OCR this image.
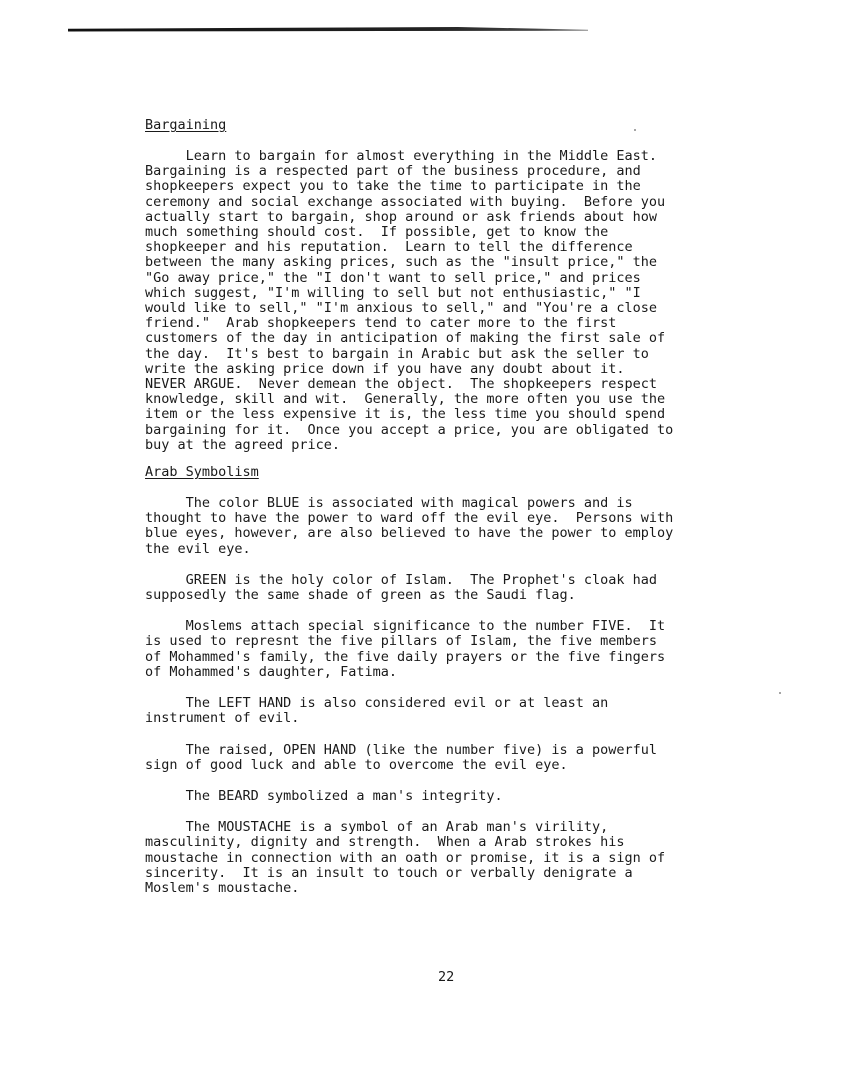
Bargaining

Learn to bargain for almost everything in the Middle East.
Bargaining is a respected part of the business procedure, and
shopkeepers expect you to take the time to participate in the
ceremony and social exchange associated with buying.  Before you
actually start to bargain, shop around or ask friends about how
much something should cost.  If possible, get to know the
shopkeeper and his reputation.  Learn to tell the difference
between the many asking prices, such as the "insult price," the
"Go away price," the "I don't want to sell price," and prices
which suggest, "I'm willing to sell but not enthusiastic," "I
would like to sell," "I'm anxious to sell," and "You're a close
friend."  Arab shopkeepers tend to cater more to the first
customers of the day in anticipation of making the first sale of
the day.  It's best to bargain in Arabic but ask the seller to
write the asking price down if you have any doubt about it.
NEVER ARGUE.  Never demean the object.  The shopkeepers respect
knowledge, skill and wit.  Generally, the more often you use the
item or the less expensive it is, the less time you should spend
bargaining for it.  Once you accept a price, you are obligated to
buy at the agreed price.

Arab Symbolism

The color BLUE is associated with magical powers and is
thought to have the power to ward off the evil eye.  Persons with
blue eyes, however, are also believed to have the power to employ
the evil eye.

GREEN is the holy color of Islam.  The Prophet's cloak had
supposedly the same shade of green as the Saudi flag.

Moslems attach special significance to the number FIVE.  It
is used to represnt the five pillars of Islam, the five members
of Mohammed's family, the five daily prayers or the five fingers
of Mohammed's daughter, Fatima.

The LEFT HAND is also considered evil or at least an
instrument of evil.

The raised, OPEN HAND (like the number five) is a powerful
sign of good luck and able to overcome the evil eye.

The BEARD symbolized a man's integrity.

The MOUSTACHE is a symbol of an Arab man's virility,
masculinity, dignity and strength.  When a Arab strokes his
moustache in connection with an oath or promise, it is a sign of
sincerity.  It is an insult to touch or verbally denigrate a
Moslem's moustache.

22
